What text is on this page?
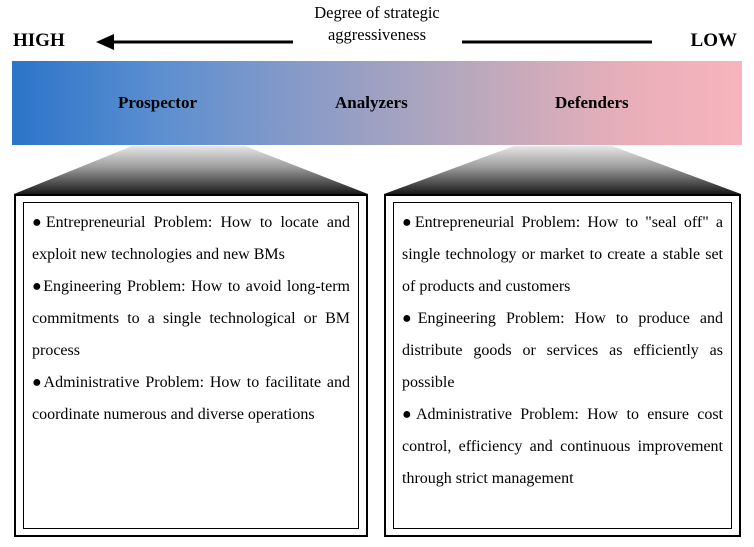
Degree of strategic aggressiveness
HIGH	LOW
Prospector	Analyzers	Defenders
●Entrepreneurial Problem: How to locate and exploit new technologies and new BMs
●Engineering Problem: How to avoid long-term commitments to a single technological or BM process
●Administrative Problem: How to facilitate and coordinate numerous and diverse operations
●Entrepreneurial Problem: How to "seal off" a single technology or market to create a stable set of products and customers
●Engineering Problem: How to produce and distribute goods or services as efficiently as possible
●Administrative Problem: How to ensure cost control, efficiency and continuous improvement through strict management
